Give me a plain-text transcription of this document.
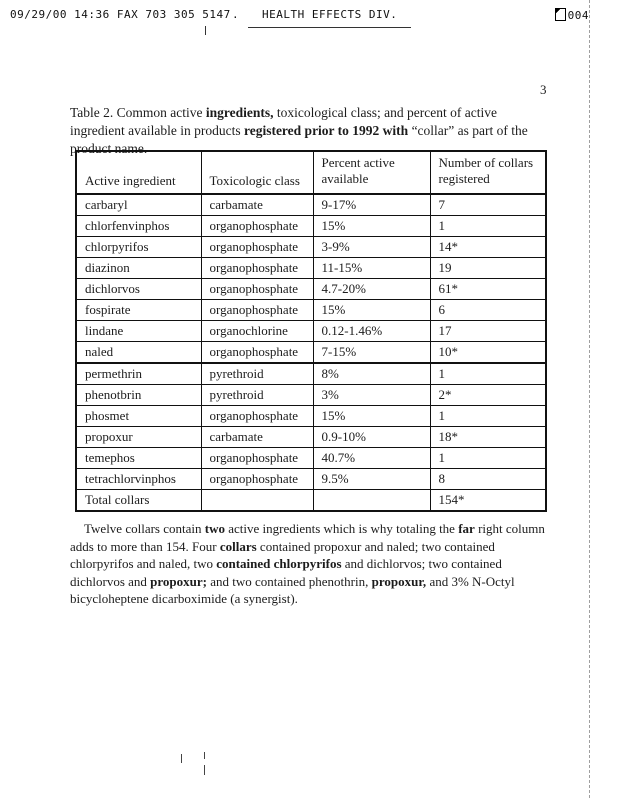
09/29/00 14:36 FAX 703 305 5147 .	HEALTH EFFECTS DIV.	004
3

Table 2. Common active ingredients, toxicological class; and percent of active ingredient available in products registered prior to 1992 with “collar” as part of the product name.

Active ingredient	Toxicologic class	Percent active available	Number of collars registered
carbaryl	carbamate	9-17%	7
chlorfenvinphos	organophosphate	15%	1
chlorpyrifos	organophosphate	3-9%	14*
diazinon	organophosphate	11-15%	19
dichlorvos	organophosphate	4.7-20%	61*
fospirate	organophosphate	15%	6
lindane	organochlorine	0.12-1.46%	17
naled	organophosphate	7-15%	10*
permethrin	pyrethroid	8%	1
phenotbrin	pyrethroid	3%	2*
phosmet	organophosphate	15%	1
propoxur	carbamate	0.9-10%	18*
temephos	organophosphate	40.7%	1
tetrachlorvinphos	organophosphate	9.5%	8
Total collars			154*

Twelve collars contain two active ingredients which is why totaling the far right column adds to more than 154. Four collars contained propoxur and naled; two contained chlorpyrifos and naled, two contained chlorpyrifos and dichlorvos; two contained dichlorvos and propoxur; and two contained phenothrin, propoxur, and 3% N-Octyl bicycloheptene dicarboximide (a synergist).
